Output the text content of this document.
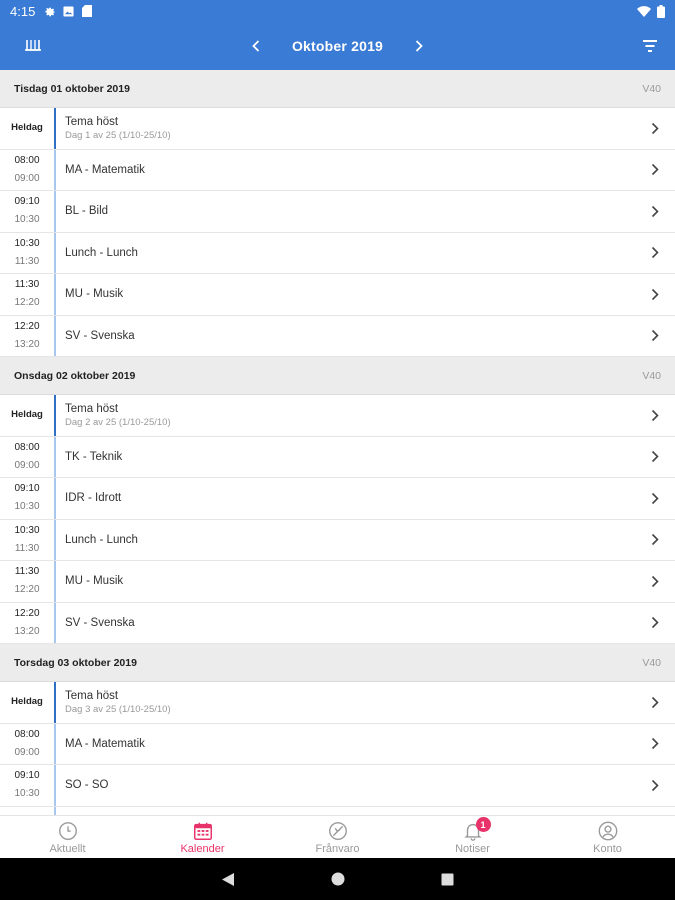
4:15
Oktober 2019
Tisdag 01 oktober 2019	V40
Heldag Tema höst
Dag 1 av 25 (1/10-25/10)
08:00
09:00
MA - Matematik
09:10
10:30
BL - Bild
10:30
11:30
Lunch - Lunch
11:30
12:20
MU - Musik
12:20
13:20
SV - Svenska
Onsdag 02 oktober 2019	V40
Heldag Tema höst
Dag 2 av 25 (1/10-25/10)
08:00
09:00
TK - Teknik
09:10
10:30
IDR - Idrott
10:30
11:30
Lunch - Lunch
11:30
12:20
MU - Musik
12:20
13:20
SV - Svenska
Torsdag 03 oktober 2019	V40
Heldag Tema höst
Dag 3 av 25 (1/10-25/10)
08:00
09:00
MA - Matematik
09:10
10:30
SO - SO
Aktuellt	Kalender	Frånvaro
1
Notiser	Konto
